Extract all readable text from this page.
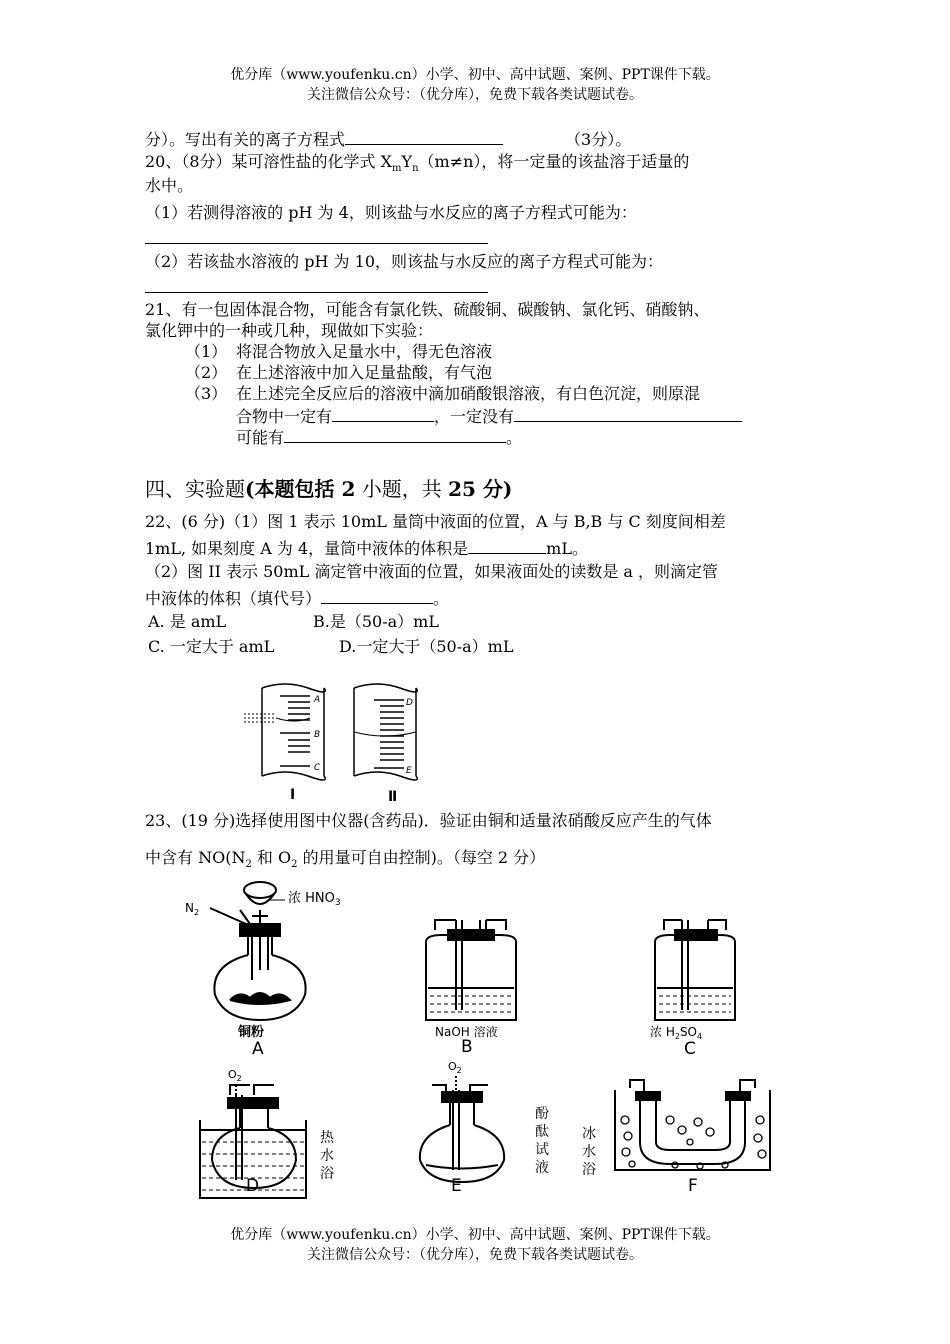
优分库（www.youfenku.cn）小学、初中、高中试题、案例、PPT课件下载。
关注微信公众号：（优分库），免费下载各类试题试卷。
分）。写出有关的离子方程式	（3分）。
20、（8分）某可溶性盐的化学式 $X_mY_n(m\ne n)$，将一定量的该盐溶于适量的
水中。
（1）若测得溶液的 pH 为 4，则该盐与水反应的离子方程式可能为：
（2）若该盐水溶液的 pH 为 10，则该盐与水反应的离子方程式可能为：
21、有一包固体混合物，可能含有氯化铁、硫酸铜、碳酸钠、氯化钙、硝酸钠、
氯化钾中的一种或几种，现做如下实验：
（1） 将混合物放入足量水中，得无色溶液
（2） 在上述溶液中加入足量盐酸，有气泡
（3） 在上述完全反应后的溶液中滴加硝酸银溶液，有白色沉淀，则原混
合物中一定有	，一定没有
可能有	。
四、实验题(本题包括 2 小题，共 25 分)
22、(6 分)（1）图 1 表示 10mL 量筒中液面的位置，A 与 B,B 与 C 刻度间相差
1mL, 如果刻度 A 为 4，量筒中液体的体积是	mL。
（2）图 II 表示 50mL 滴定管中液面的位置，如果液面处的读数是 a ，则滴定管
中液体的体积（填代号）	。
A. 是 amL	B.是（50-a）mL
C. 一定大于 amL	D.一定大于（50-a）mL
A
B
C
I
D
E
Ⅱ
23、(19 分)选择使用图中仪器(含药品)．验证由铜和适量浓硝酸反应产生的气体
中含有 $NO(N_2$ 和 $O_2$ 的用量可自由控制)。（每空 2 分）
$N_2$
浓 $HNO_3$
铜粉
A
NaOH 溶液
B
浓 $H_2SO_4$
C
$O_2$
热
水
浴
$O_2$
酚
酞
试
液
冰
水
浴
D	E	F
优分库（www.youfenku.cn）小学、初中、高中试题、案例、PPT课件下载。
关注微信公众号：（优分库），免费下载各类试题试卷。
